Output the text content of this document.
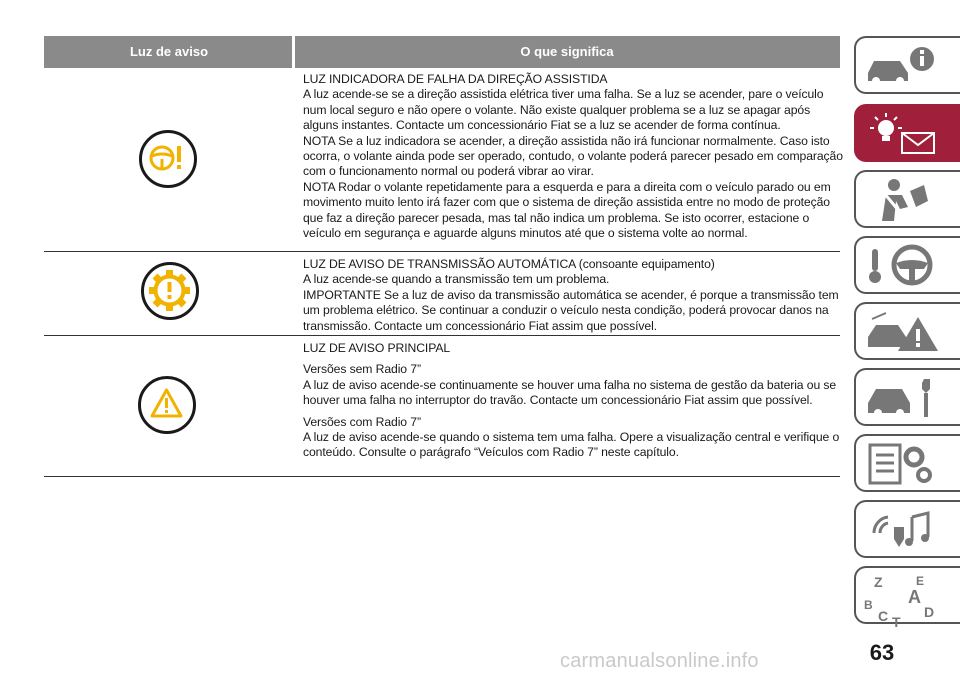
Luz de aviso	O que significa

LUZ INDICADORA DE FALHA DA DIREÇÃO ASSISTIDA

A luz acende-se se a direção assistida elétrica tiver uma falha. Se a luz se acender, pare o veículo num local seguro e não opere o volante. Não existe qualquer problema se a luz se apagar após alguns instantes. Contacte um concessionário Fiat se a luz se acender de forma contínua.

NOTA Se a luz indicadora se acender, a direção assistida não irá funcionar normalmente. Caso isto ocorra, o volante ainda pode ser operado, contudo, o volante poderá parecer pesado em comparação com o funcionamento normal ou poderá vibrar ao virar.

NOTA Rodar o volante repetidamente para a esquerda e para a direita com o veículo parado ou em movimento muito lento irá fazer com que o sistema de direção assistida entre no modo de proteção que faz a direção parecer pesada, mas tal não indica um problema. Se isto ocorrer, estacione o veículo em segurança e aguarde alguns minutos até que o sistema volte ao normal.

LUZ DE AVISO DE TRANSMISSÃO AUTOMÁTICA (consoante equipamento)

A luz acende-se quando a transmissão tem um problema.

IMPORTANTE Se a luz de aviso da transmissão automática se acender, é porque a transmissão tem um problema elétrico. Se continuar a conduzir o veículo nesta condição, poderá provocar danos na transmissão. Contacte um concessionário Fiat assim que possível.

LUZ DE AVISO PRINCIPAL

Versões sem Radio 7”

A luz de aviso acende-se continuamente se houver uma falha no sistema de gestão da bateria ou se houver uma falha no interruptor do travão. Contacte um concessionário Fiat assim que possível.

Versões com Radio 7”

A luz de aviso acende-se quando o sistema tem uma falha. Opere a visualização central e verifique o conteúdo. Consulte o parágrafo “Veículos com Radio 7” neste capítulo.

Z	E
A
B
C T
D
carmanualsonline.info	63
